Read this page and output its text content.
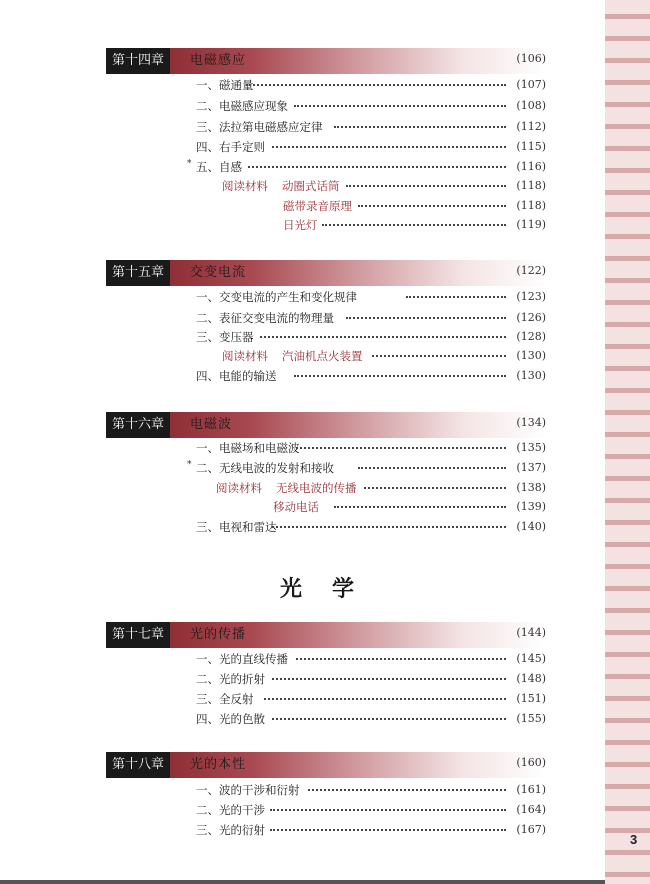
3
光学
第十四章	电磁感应	(106)
一、磁通量	(107)
二、电磁感应现象	(108)
三、法拉第电磁感应定律	(112)
四、右手定则	(115)
* 五、自感	(116)
阅读材料 动圈式话筒	(118)
磁带录音原理	(118)
日光灯	(119)
* 第十五章	交变电流	(122)
一、交变电流的产生和变化规律	(123)
二、表征交变电流的物理量	(126)
三、变压器	(128)
阅读材料 汽油机点火装置	(130)
四、电能的输送	(130)
第十六章	电磁波	(134)
一、电磁场和电磁波	(135)
* 二、无线电波的发射和接收	(137)
阅读材料 无线电波的传播	(138)
移动电话	(139)
三、电视和雷达	(140)
第十七章	光的传播	(144)
一、光的直线传播	(145)
二、光的折射	(148)
三、全反射	(151)
四、光的色散	(155)
第十八章	光的本性	(160)
一、波的干涉和衍射	(161)
二、光的干涉	(164)
三、光的衍射	(167)
